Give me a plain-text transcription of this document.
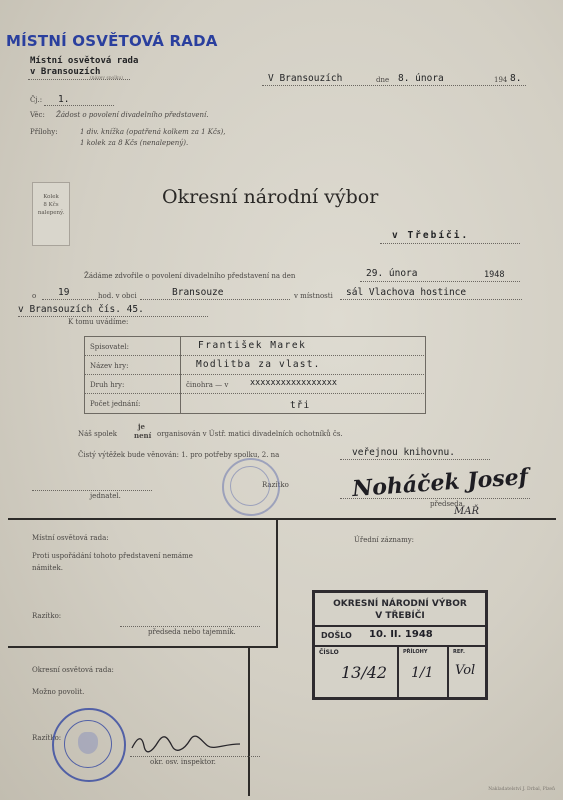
MÍSTNÍ OSVĚTOVÁ RADA
Místní osvětová rada
v Bransouzích
(název spolku)	V Bransouzích	dne 8. února	194 8.
Čj.: 1.
Věc: Žádost o povolení divadelního představení.
Přílohy:	1 div. knížka (opatřená kolkem za 1 Kčs),
1 kolek za 8 Kčs (nenalepený).
Kolek
8 Kčs
nalepený.
Okresní národní výbor
v Třebíči.
Žádáme zdvořile o povolení divadelního představení na den	29. února	1948
o 19	hod. v obci	Bransouze	v místnosti sál Vlachova hostince
v Bransouzích čís. 45.
K tomu uvádíme:
Spisovatel:	František Marek
Název hry:	Modlitba za vlast.
Druh hry:	činohra — v	xxxxxxxxxxxxxxxxx
Počet jednání:	tři
Náš spolek
je
není organisován v Ústř. matici divadelních ochotníků čs.
Čistý výtěžek bude věnován: 1. pro potřeby spolku, 2. na	veřejnou knihovnu.
jednatel.
Razítko	Noháček Josef
předseda.
MAŘ
Místní osvětová rada:
Proti uspořádání tohoto představení nemáme
námitek.
Razítko:
předseda nebo tajemník.
Okresní osvětová rada:
Možno povolit.
Razítko:
okr. osv. inspektor.
Úřední záznamy:
OKRESNÍ NÁRODNÍ VÝBOR
V TŘEBÍČI
DOŠLO	10. II. 1948
ČÍSLO	PŘÍLOHY	REF.
13/42 1/1 Vol
Nakladatelství J. Drbal, Plzeň
